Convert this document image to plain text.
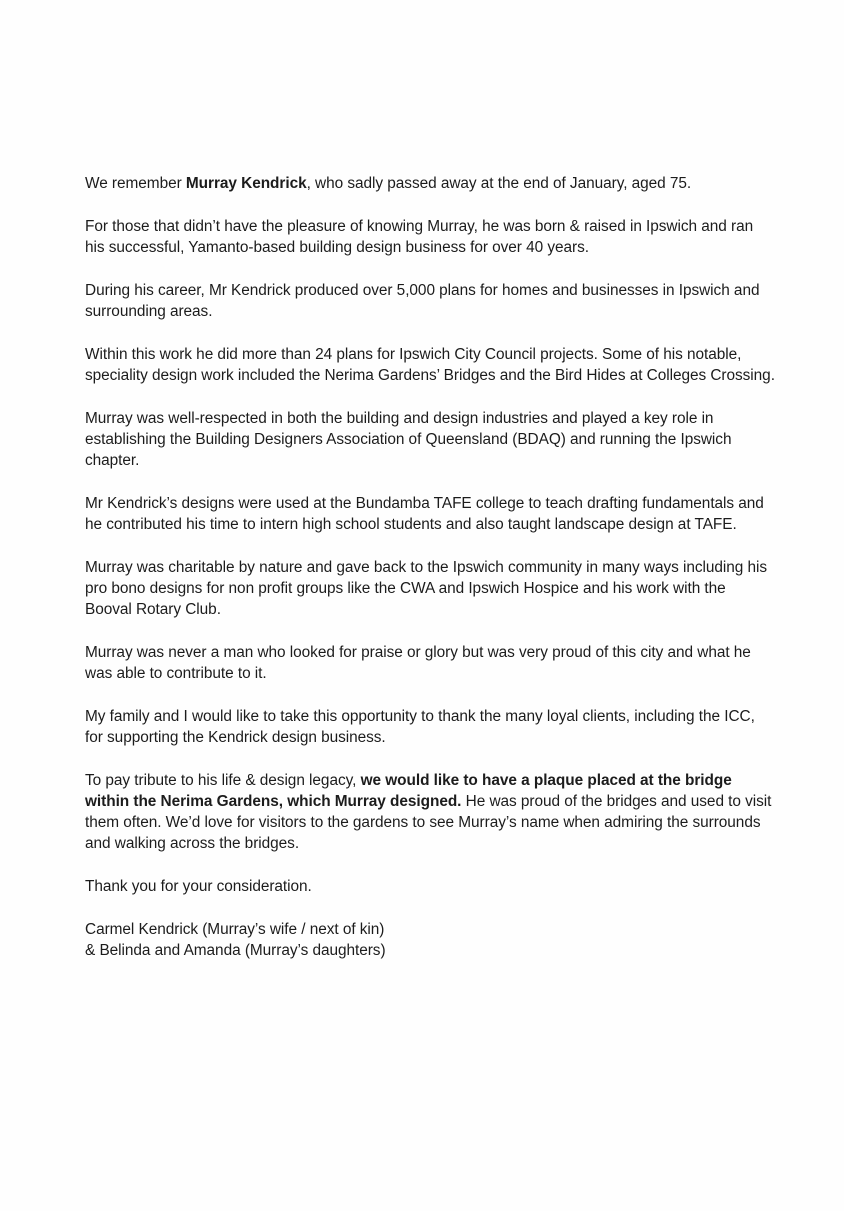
We remember Murray Kendrick, who sadly passed away at the end of January, aged 75.

For those that didn’t have the pleasure of knowing Murray, he was born & raised in Ipswich and ran his successful, Yamanto-based building design business for over 40 years.

During his career, Mr Kendrick produced over 5,000 plans for homes and businesses in Ipswich and surrounding areas.

Within this work he did more than 24 plans for Ipswich City Council projects. Some of his notable, speciality design work included the Nerima Gardens’ Bridges and the Bird Hides at Colleges Crossing.

Murray was well-respected in both the building and design industries and played a key role in establishing the Building Designers Association of Queensland (BDAQ) and running the Ipswich chapter.

Mr Kendrick’s designs were used at the Bundamba TAFE college to teach drafting fundamentals and he contributed his time to intern high school students and also taught landscape design at TAFE.

Murray was charitable by nature and gave back to the Ipswich community in many ways including his pro bono designs for non profit groups like the CWA and Ipswich Hospice and his work with the Booval Rotary Club.

Murray was never a man who looked for praise or glory but was very proud of this city and what he was able to contribute to it.

My family and I would like to take this opportunity to thank the many loyal clients, including the ICC, for supporting the Kendrick design business.

To pay tribute to his life & design legacy, we would like to have a plaque placed at the bridge within the Nerima Gardens, which Murray designed. He was proud of the bridges and used to visit them often. We’d love for visitors to the gardens to see Murray’s name when admiring the surrounds and walking across the bridges.

Thank you for your consideration.

Carmel Kendrick (Murray’s wife / next of kin)
& Belinda and Amanda (Murray’s daughters)
